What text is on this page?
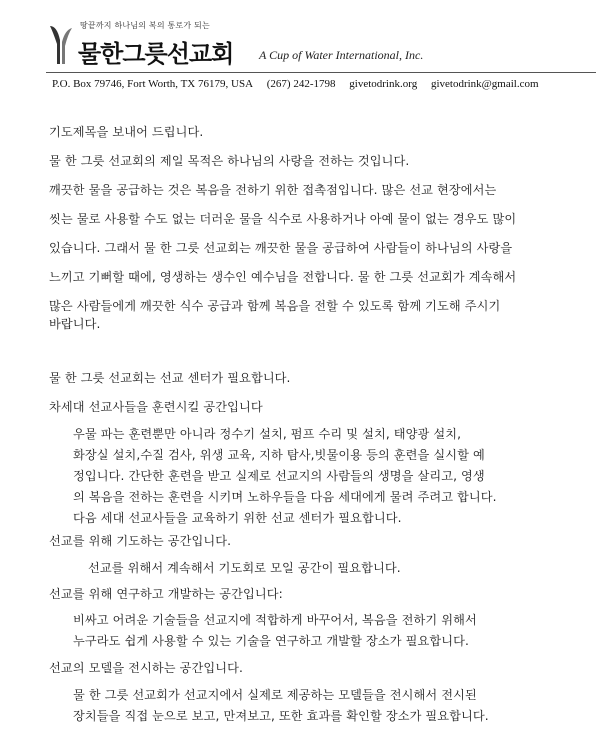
땅끝까지 하나님의 복의 통로가 되는
물한그릇선교회 A Cup of Water International, Inc.
P.O. Box 79746, Fort Worth, TX 76179, USA (267) 242-1798 givetodrink.org givetodrink@gmail.com
기도제목을 보내어 드립니다.
물 한 그릇 선교회의 제일 목적은 하나님의 사랑을 전하는 것입니다.
깨끗한 물을 공급하는 것은 복음을 전하기 위한 접촉점입니다. 많은 선교 현장에서는
씻는 물로 사용할 수도 없는 더러운 물을 식수로 사용하거나 아예 물이 없는 경우도 많이
있습니다. 그래서 물 한 그릇 선교회는 깨끗한 물을 공급하여 사람들이 하나님의 사랑을
느끼고 기뻐할 때에, 영생하는 생수인 예수님을 전합니다. 물 한 그릇 선교회가 계속해서
많은 사람들에게 깨끗한 식수 공급과 함께 복음을 전할 수 있도록 함께 기도해 주시기
바랍니다.
물 한 그릇 선교회는 선교 센터가 필요합니다.
차세대 선교사들을 훈련시킬 공간입니다
우물 파는 훈련뿐만 아니라 정수기 설치, 펌프 수리 및 설치, 태양광 설치,
화장실 설치,수질 검사, 위생 교육, 지하 탐사,빗물이용 등의 훈련을 실시할 예
정입니다. 간단한 훈련을 받고 실제로 선교지의 사람들의 생명을 살리고, 영생
의 복음을 전하는 훈련을 시키며 노하우들을 다음 세대에게 물려 주려고 합니다.
다음 세대 선교사들을 교육하기 위한 선교 센터가 필요합니다.
선교를 위해 기도하는 공간입니다.
선교를 위해서 계속해서 기도회로 모일 공간이 필요합니다.
선교를 위해 연구하고 개발하는 공간입니다:
비싸고 어려운 기술들을 선교지에 적합하게 바꾸어서, 복음을 전하기 위해서
누구라도 쉽게 사용할 수 있는 기술을 연구하고 개발할 장소가 필요합니다.
선교의 모델을 전시하는 공간입니다.
물 한 그릇 선교회가 선교지에서 실제로 제공하는 모델들을 전시해서 전시된
장치들을 직접 눈으로 보고, 만져보고, 또한 효과를 확인할 장소가 필요합니다.
